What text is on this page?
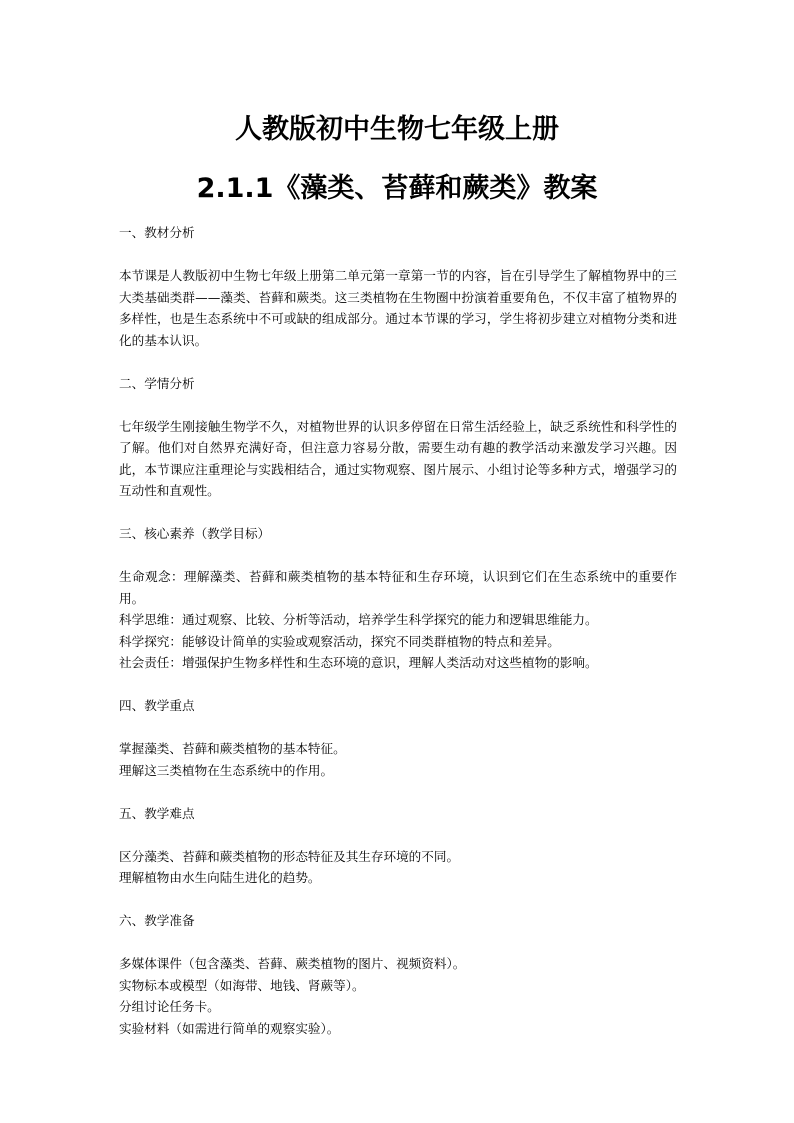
人教版初中生物七年级上册
2.1.1《藻类、苔藓和蕨类》教案

一、教材分析

本节课是人教版初中生物七年级上册第二单元第一章第一节的内容，旨在引导学生了解植物界中的三大类基础类群——藻类、苔藓和蕨类。这三类植物在生物圈中扮演着重要角色，不仅丰富了植物界的多样性，也是生态系统中不可或缺的组成部分。通过本节课的学习，学生将初步建立对植物分类和进化的基本认识。

二、学情分析

七年级学生刚接触生物学不久，对植物世界的认识多停留在日常生活经验上，缺乏系统性和科学性的了解。他们对自然界充满好奇，但注意力容易分散，需要生动有趣的教学活动来激发学习兴趣。因此，本节课应注重理论与实践相结合，通过实物观察、图片展示、小组讨论等多种方式，增强学习的互动性和直观性。

三、核心素养（教学目标）

生命观念：理解藻类、苔藓和蕨类植物的基本特征和生存环境，认识到它们在生态系统中的重要作用。

科学思维：通过观察、比较、分析等活动，培养学生科学探究的能力和逻辑思维能力。

科学探究：能够设计简单的实验或观察活动，探究不同类群植物的特点和差异。

社会责任：增强保护生物多样性和生态环境的意识，理解人类活动对这些植物的影响。

四、教学重点

掌握藻类、苔藓和蕨类植物的基本特征。

理解这三类植物在生态系统中的作用。

五、教学难点

区分藻类、苔藓和蕨类植物的形态特征及其生存环境的不同。

理解植物由水生向陆生进化的趋势。

六、教学准备

多媒体课件（包含藻类、苔藓、蕨类植物的图片、视频资料）。

实物标本或模型（如海带、地钱、肾蕨等）。

分组讨论任务卡。

实验材料（如需进行简单的观察实验）。
